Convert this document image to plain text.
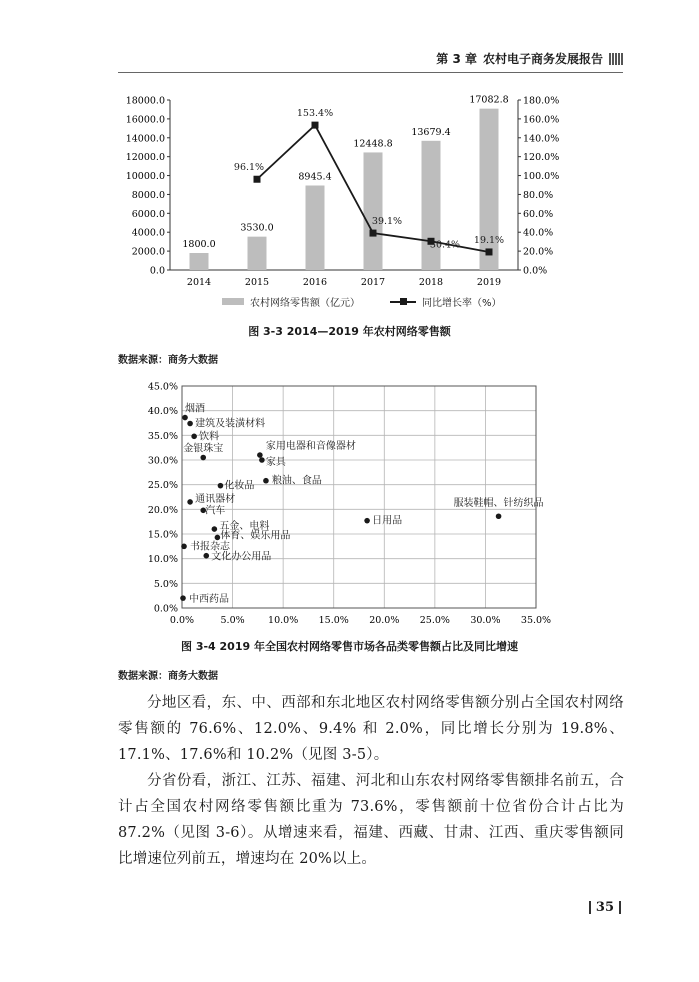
第 3 章 农村电子商务发展报告
0.0
2000.0
4000.0
6000.0
8000.0
10000.0
12000.0
14000.0
16000.0
18000.0
0.0%
20.0%
40.0%
60.0%
80.0%
100.0%
120.0%
140.0%
160.0%
180.0%
1800.0
3530.0
8945.4
12448.8
13679.4
17082.8
2014	2015	2016	2017	2018	2019
96.1%
153.4%
39.1%
30.4% 19.1%
农村网络零售额（亿元）	同比增长率（%）
图 3-3 2014—2019 年农村网络零售额
数据来源：商务大数据
0.0%
5.0%
10.0%
15.0%
20.0%
25.0%
30.0%
35.0%
40.0%
45.0%
0.0%	5.0% 10.0% 15.0% 20.0% 25.0% 30.0% 35.0%
烟酒
建筑及装潢材料
饮料
金银珠宝	家用电器和音像器材
家具
粮油、食品
化妆品
通讯器材
汽车
五金、电料
体育、娱乐用品
书报杂志
文化办公用品
日用品
服装鞋帽、针纺织品
中西药品
图 3-4 2019 年全国农村网络零售市场各品类零售额占比及同比增速
数据来源：商务大数据

分地区看，东、中、西部和东北地区农村网络零售额分别占全国农村网络零售额的 76.6%、12.0%、9.4% 和 2.0%，同比增长分别为 19.8%、17.1%、17.6%和 10.2%（见图 3-5）。

分省份看，浙江、江苏、福建、河北和山东农村网络零售额排名前五，合计占全国农村网络零售额比重为 73.6%，零售额前十位省份合计占比为 87.2%（见图 3-6）。从增速来看，福建、西藏、甘肃、江西、重庆零售额同比增速位列前五，增速均在 20%以上。

35
